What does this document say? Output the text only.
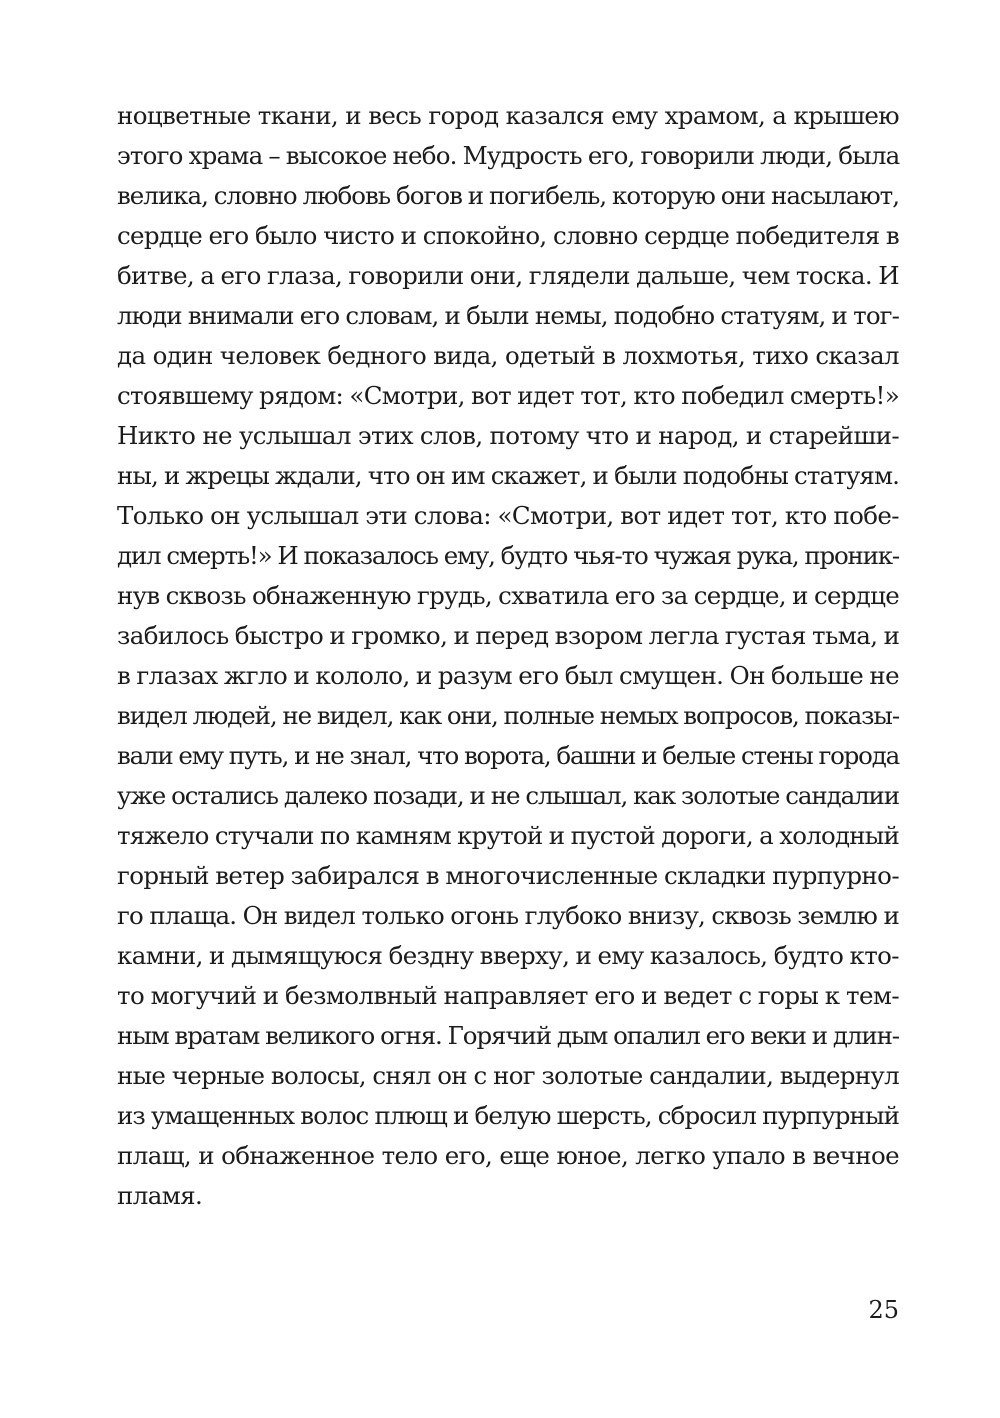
ноцветные ткани, и весь город казался ему храмом, а крышею
этого храма – высокое небо. Мудрость его, говорили люди, была
велика, словно любовь богов и погибель, которую они насылают,
сердце его было чисто и спокойно, словно сердце победителя в
битве, а его глаза, говорили они, глядели дальше, чем тоска. И
люди внимали его словам, и были немы, подобно статуям, и тог-
да один человек бедного вида, одетый в лохмотья, тихо сказал
стоявшему рядом: «Смотри, вот идет тот, кто победил смерть!»
Никто не услышал этих слов, потому что и народ, и старейши-
ны, и жрецы ждали, что он им скажет, и были подобны статуям.
Только он услышал эти слова: «Смотри, вот идет тот, кто побе-
дил смерть!» И показалось ему, будто чья-то чужая рука, проник-
нув сквозь обнаженную грудь, схватила его за сердце, и сердце
забилось быстро и громко, и перед взором легла густая тьма, и
в глазах жгло и кололо, и разум его был смущен. Он больше не
видел людей, не видел, как они, полные немых вопросов, показы-
вали ему путь, и не знал, что ворота, башни и белые стены города
уже остались далеко позади, и не слышал, как золотые сандалии
тяжело стучали по камням крутой и пустой дороги, а холодный
горный ветер забирался в многочисленные складки пурпурно-
го плаща. Он видел только огонь глубоко внизу, сквозь землю и
камни, и дымящуюся бездну вверху, и ему казалось, будто кто-
то могучий и безмолвный направляет его и ведет с горы к тем-
ным вратам великого огня. Горячий дым опалил его веки и длин-
ные черные волосы, снял он с ног золотые сандалии, выдернул
из умащенных волос плющ и белую шерсть, сбросил пурпурный
плащ, и обнаженное тело его, еще юное, легко упало в вечное
пламя.
25
